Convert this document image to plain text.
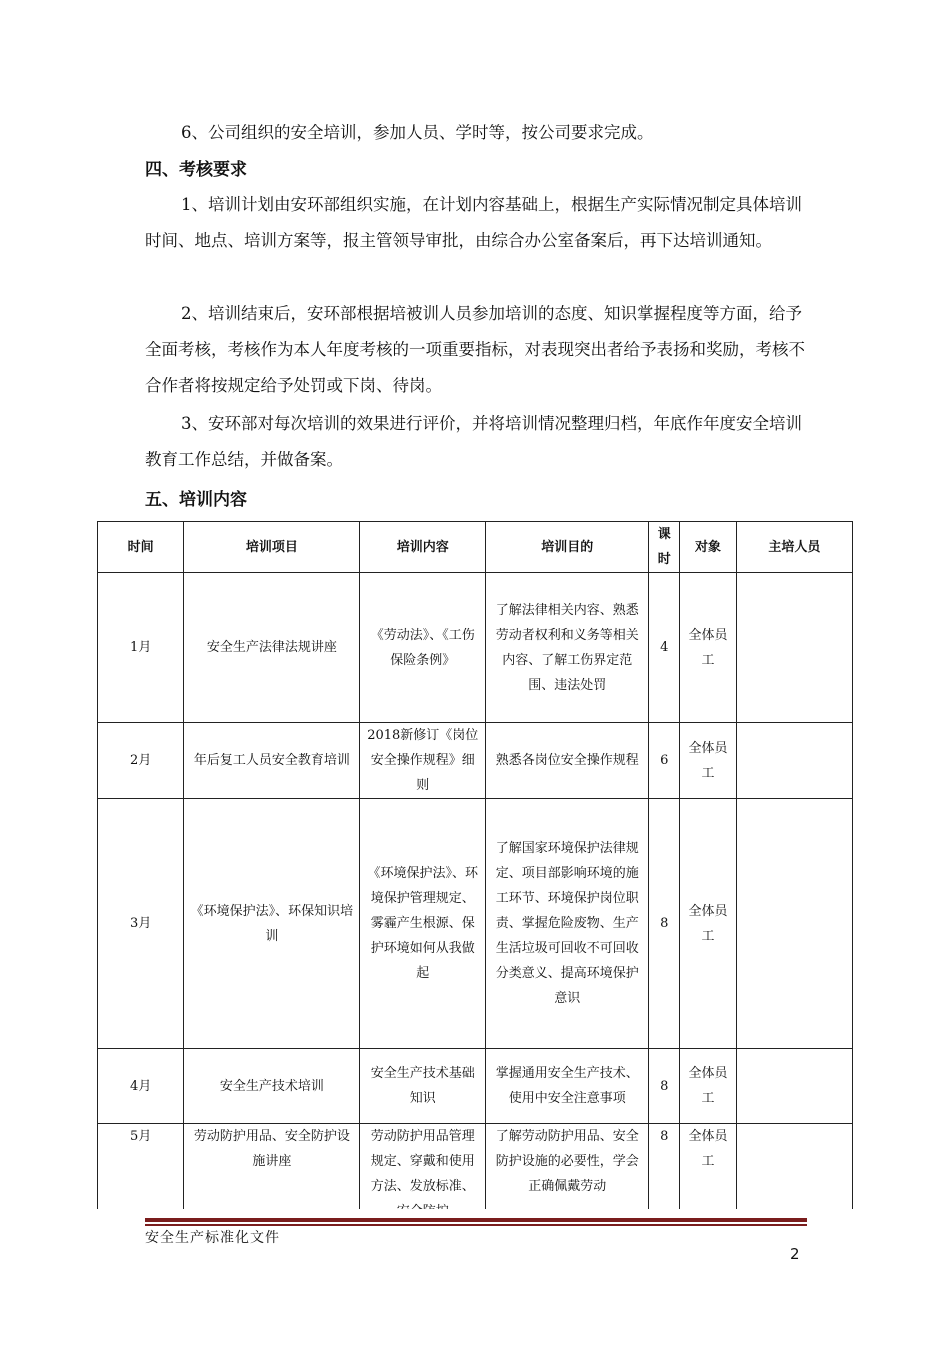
6、公司组织的安全培训，参加人员、学时等，按公司要求完成。

四、考核要求

1、培训计划由安环部组织实施，在计划内容基础上，根据生产实际情况制定具体培训时间、地点、培训方案等，报主管领导审批，由综合办公室备案后，再下达培训通知。

2、培训结束后，安环部根据培被训人员参加培训的态度、知识掌握程度等方面，给予全面考核，考核作为本人年度考核的一项重要指标，对表现突出者给予表扬和奖励，考核不合作者将按规定给予处罚或下岗、待岗。

3、安环部对每次培训的效果进行评价，并将培训情况整理归档，年底作年度安全培训教育工作总结，并做备案。

五、培训内容
时间	培训项目	培训内容	培训目的	课时	对象	主培人员
1月	安全生产法律法规讲座	《劳动法》、《工伤保险条例》	了解法律相关内容、熟悉劳动者权利和义务等相关内容、了解工伤界定范围、违法处罚	4	全体员工	
2月	年后复工人员安全教育培训	2018新修订《岗位安全操作规程》细则	熟悉各岗位安全操作规程	6	全体员工	
3月	《环境保护法》、环保知识培训	《环境保护法》、环境保护管理规定、雾霾产生根源、保护环境如何从我做起	了解国家环境保护法律规定、项目部影响环境的施工环节、环境保护岗位职责、掌握危险废物、生产生活垃圾可回收不可回收分类意义、提高环境保护意识	8	全体员工	
4月	安全生产技术培训	安全生产技术基础知识	掌握通用安全生产技术、使用中安全注意事项	8	全体员工	
5月	劳动防护用品、安全防护设施讲座	劳动防护用品管理规定、穿戴和使用方法、发放标准、	了解劳动防护用品、安全防护设施的必要性，学会正确佩戴劳动	8	全体员工	
安全生产标准化文件
2
